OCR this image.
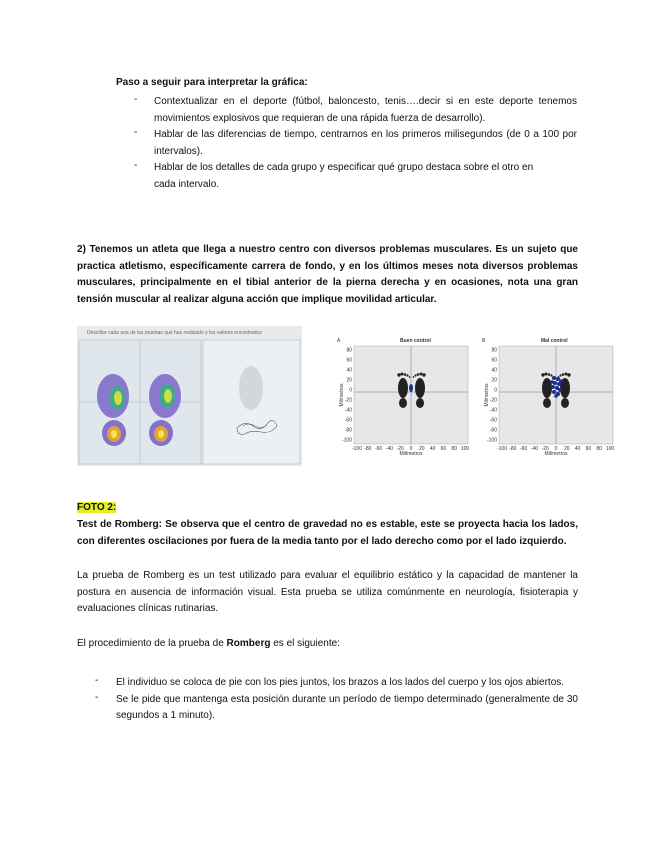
Paso a seguir para interpretar la gráfica:
- Contextualizar en el deporte (fútbol, baloncesto, tenis….decir si en este deporte tenemos movimientos explosivos que requieran de una rápida fuerza de desarrollo).
- Hablar de las diferencias de tiempo, centrarnos en los primeros milisegundos (de 0 a 100 por intervalos).
- Hablar de los detalles de cada grupo y especificar qué grupo destaca sobre el otro en cada intervalo.
2) Tenemos un atleta que llega a nuestro centro con diversos problemas musculares. Es un sujeto que practica atletismo, específicamente carrera de fondo, y en los últimos meses nota diversos problemas musculares, principalmente en el tibial anterior de la pierna derecha y en ocasiones, nota una gran tensión muscular al realizar alguna acción que implique movilidad articular.
Describe cada una de las pruebas que has realizado y los valores encontrados
A	Buen control	B	Mal control
80
60
40
20
0
-20
-40
-60
-80
-100
-100 -80 -60 -40 -20 0 20 40 60 80 100
Milímetros
Milímetros
80
60
40
20
0
-20
-40
-60
-80
-100
-100 -80 -60 -40 -20 0 20 40 60 80 100
Milímetros
Milímetros
FOTO 2:
Test de Romberg: Se observa que el centro de gravedad no es estable, este se proyecta hacia los lados, con diferentes oscilaciones por fuera de la media tanto por el lado derecho como por el lado izquierdo.
La prueba de Romberg es un test utilizado para evaluar el equilibrio estático y la capacidad de mantener la postura en ausencia de información visual. Esta prueba se utiliza comúnmente en neurología, fisioterapia y evaluaciones clínicas rutinarias.
El procedimiento de la prueba de Romberg es el siguiente:
- El individuo se coloca de pie con los pies juntos, los brazos a los lados del cuerpo y los ojos abiertos.
- Se le pide que mantenga esta posición durante un período de tiempo determinado (generalmente de 30 segundos a 1 minuto).
